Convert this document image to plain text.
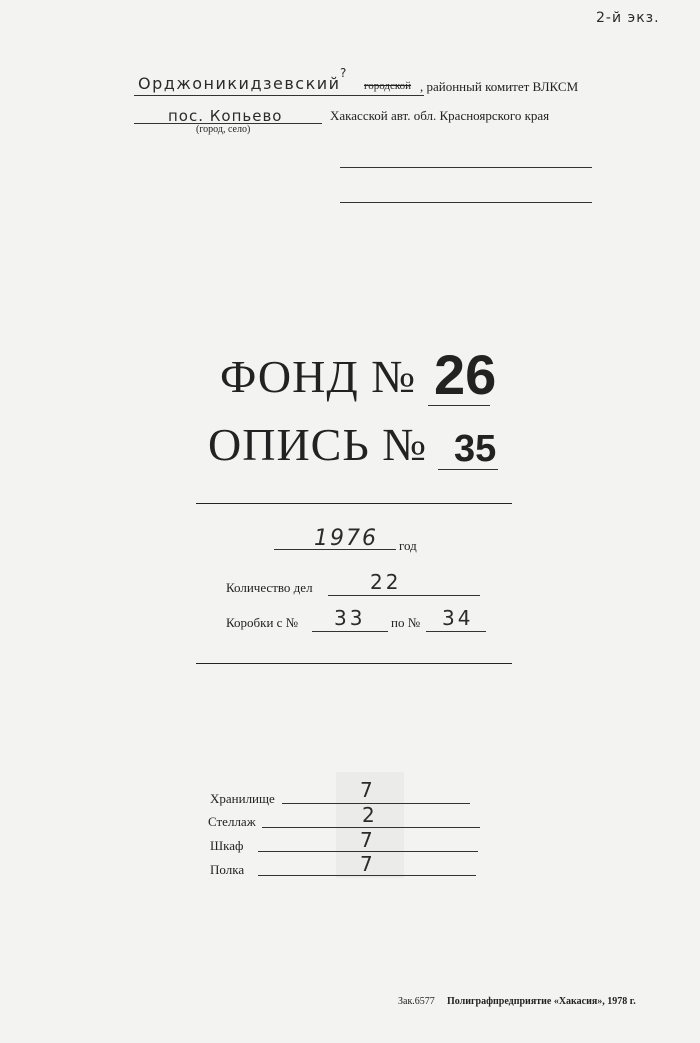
2-й экз.
Орджоникидзевский
?
городской , районный комитет ВЛКСМ
пос. Копьево
(город, село)
Хакасской авт. обл. Красноярского края
ФОНД № 26
ОПИСЬ № 35
1976 год
Количество дел	22
Коробки с № 33 по № 34
Хранилище	7
Стеллаж	2
Шкаф	7
Полка	7
Зак.6577 Полиграфпредприятие «Хакасия», 1978 г.
